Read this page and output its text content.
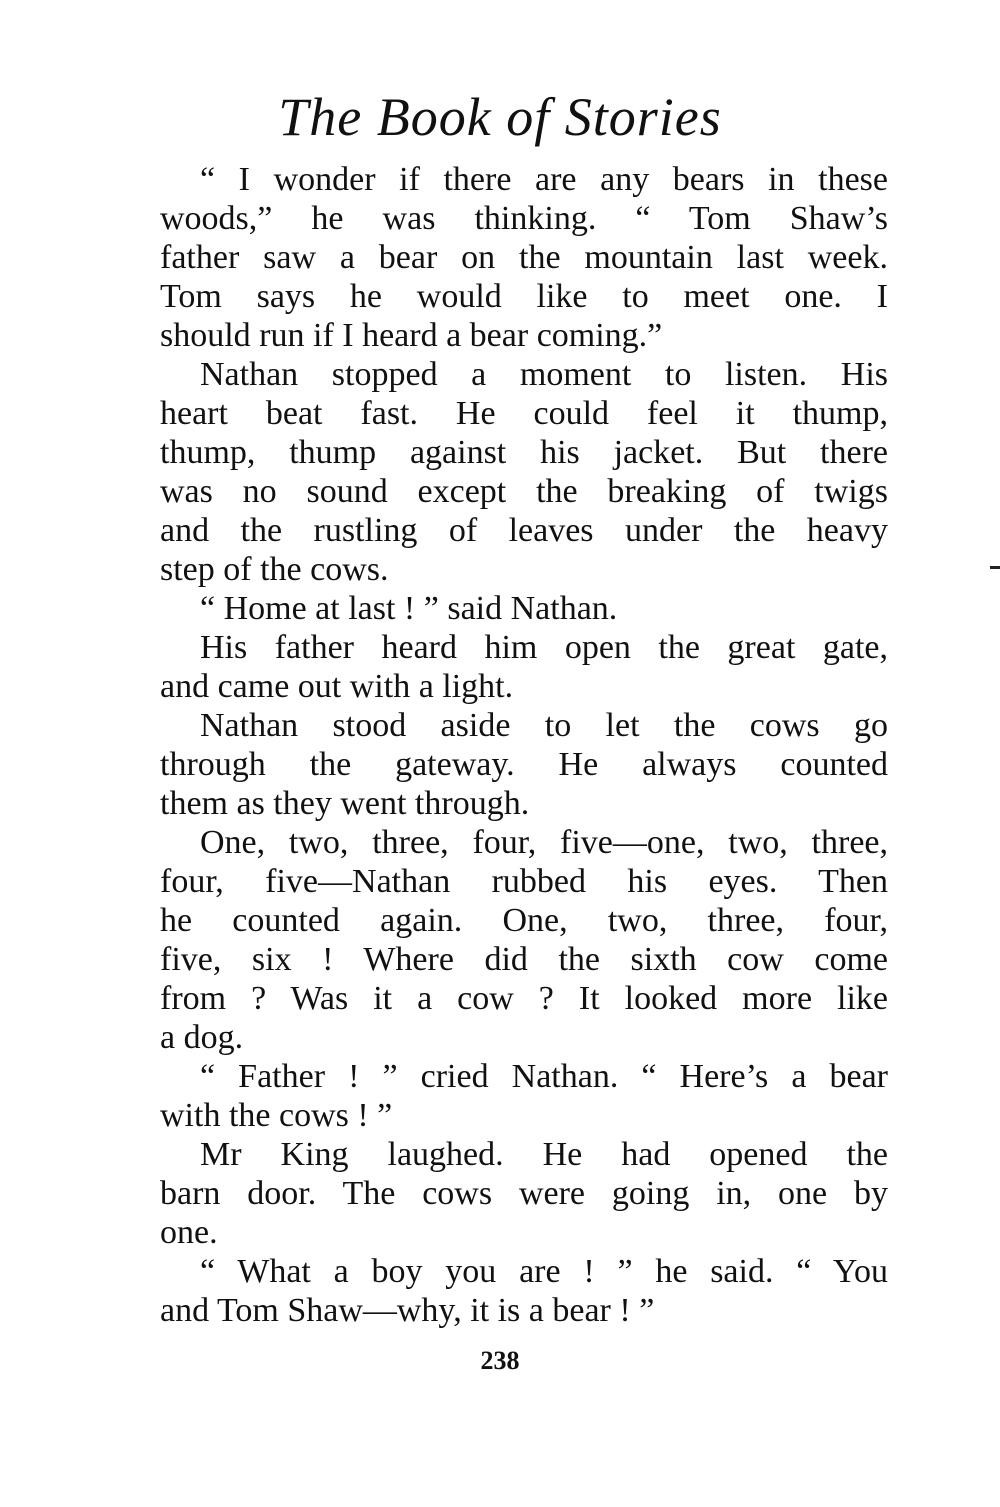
The Book of Stories

“ I wonder if there are any bears in these
woods,” he was thinking. “ Tom Shaw’s
father saw a bear on the mountain last week.
Tom says he would like to meet one. I
should run if I heard a bear coming.”

Nathan stopped a moment to listen. His
heart beat fast. He could feel it thump,
thump, thump against his jacket. But there
was no sound except the breaking of twigs
and the rustling of leaves under the heavy
step of the cows.

“ Home at last ! ” said Nathan.

His father heard him open the great gate,
and came out with a light.

Nathan stood aside to let the cows go
through the gateway. He always counted
them as they went through.

One, two, three, four, five—one, two, three,
four, five—Nathan rubbed his eyes. Then
he counted again. One, two, three, four,
five, six ! Where did the sixth cow come
from ? Was it a cow ? It looked more like
a dog.

“ Father ! ” cried Nathan. “ Here’s a bear
with the cows ! ”

Mr King laughed. He had opened the
barn door. The cows were going in, one by
one.

“ What a boy you are ! ” he said. “ You
and Tom Shaw—why, it is a bear ! ”

238
